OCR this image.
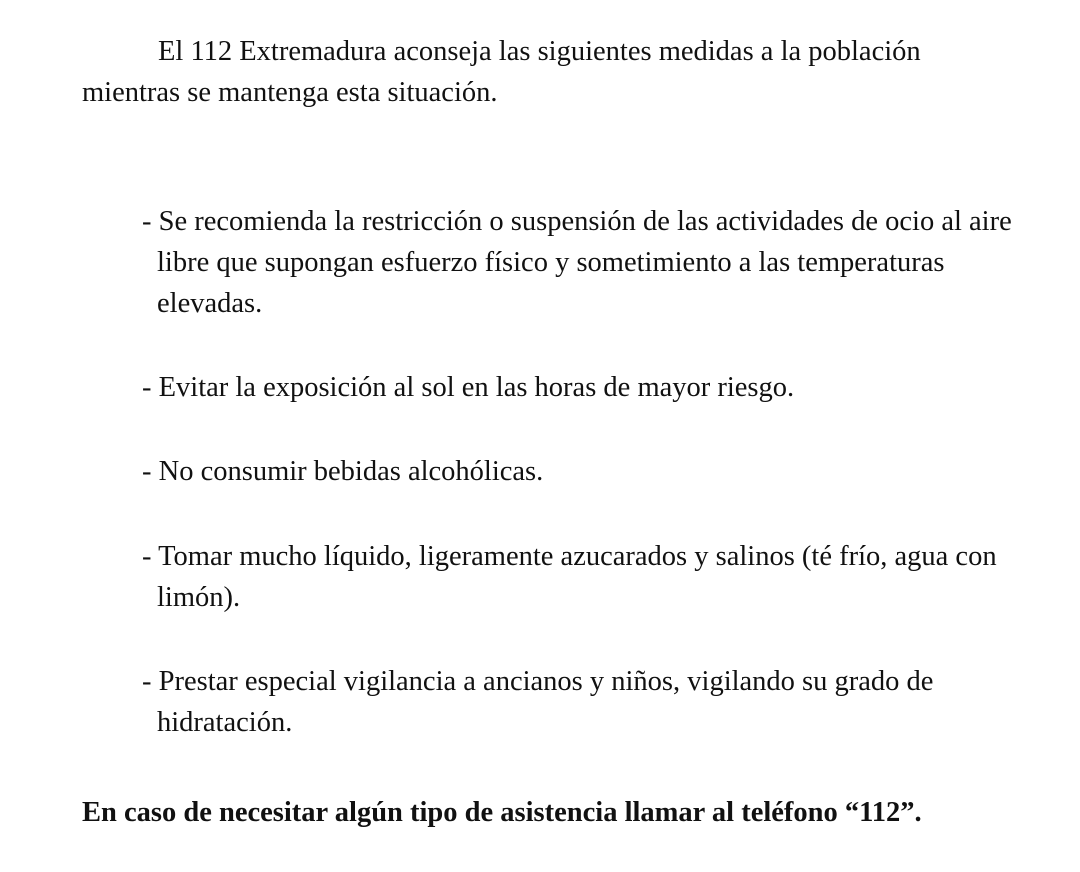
El 112 Extremadura aconseja las siguientes medidas a la población mientras se mantenga esta situación.

- Se recomienda la restricción o suspensión de las actividades de ocio al aire libre que supongan esfuerzo físico y sometimiento a las temperaturas elevadas.
- Evitar la exposición al sol en las horas de mayor riesgo.
- No consumir bebidas alcohólicas.
- Tomar mucho líquido, ligeramente azucarados y salinos (té frío, agua con limón).
- Prestar especial vigilancia a ancianos y niños, vigilando su grado de hidratación.

En caso de necesitar algún tipo de asistencia llamar al teléfono “112”.
